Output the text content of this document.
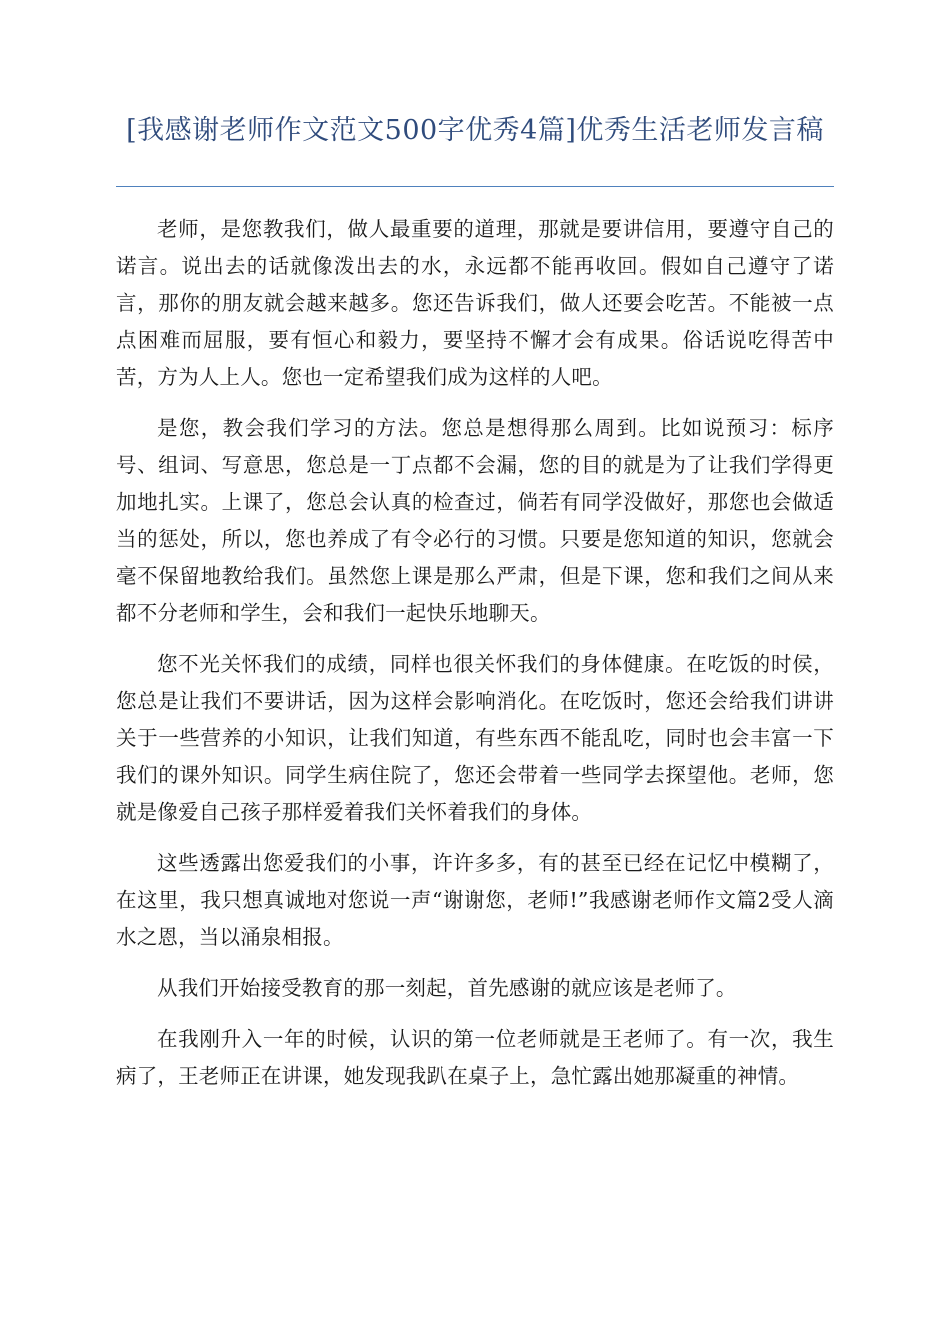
[我感谢老师作文范文500字优秀4篇]优秀生活老师发言稿

老师，是您教我们，做人最重要的道理，那就是要讲信用，要遵守自己的诺言。说出去的话就像泼出去的水，永远都不能再收回。假如自己遵守了诺言，那你的朋友就会越来越多。您还告诉我们，做人还要会吃苦。不能被一点点困难而屈服，要有恒心和毅力，要坚持不懈才会有成果。俗话说吃得苦中苦，方为人上人。您也一定希望我们成为这样的人吧。

是您，教会我们学习的方法。您总是想得那么周到。比如说预习：标序号、组词、写意思，您总是一丁点都不会漏，您的目的就是为了让我们学得更加地扎实。上课了，您总会认真的检查过，倘若有同学没做好，那您也会做适当的惩处，所以，您也养成了有令必行的习惯。只要是您知道的知识，您就会毫不保留地教给我们。虽然您上课是那么严肃，但是下课，您和我们之间从来都不分老师和学生，会和我们一起快乐地聊天。

您不光关怀我们的成绩，同样也很关怀我们的身体健康。在吃饭的时侯，您总是让我们不要讲话，因为这样会影响消化。在吃饭时，您还会给我们讲讲关于一些营养的小知识，让我们知道，有些东西不能乱吃，同时也会丰富一下我们的课外知识。同学生病住院了，您还会带着一些同学去探望他。老师，您就是像爱自己孩子那样爱着我们关怀着我们的身体。

这些透露出您爱我们的小事，许许多多，有的甚至已经在记忆中模糊了，在这里，我只想真诚地对您说一声“谢谢您，老师!”我感谢老师作文篇2受人滴水之恩，当以涌泉相报。

从我们开始接受教育的那一刻起，首先感谢的就应该是老师了。

在我刚升入一年的时候，认识的第一位老师就是王老师了。有一次，我生病了，王老师正在讲课，她发现我趴在桌子上，急忙露出她那凝重的神情。
